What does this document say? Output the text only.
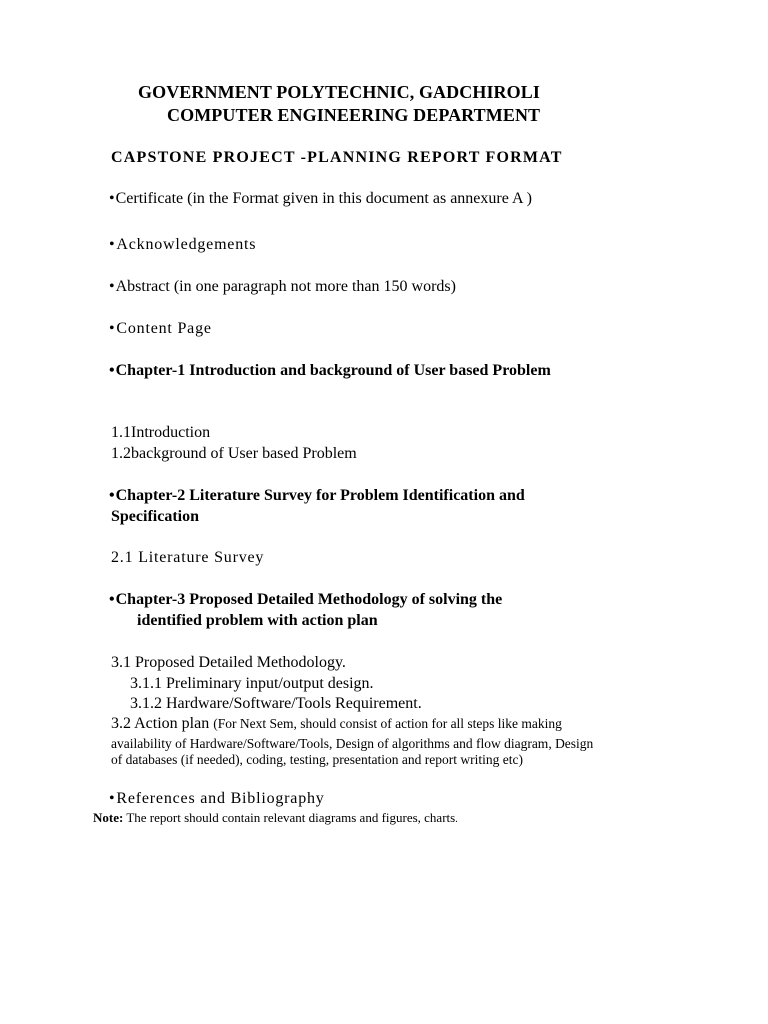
GOVERNMENT POLYTECHNIC, GADCHIROLI
COMPUTER ENGINEERING DEPARTMENT
CAPSTONE PROJECT -PLANNING REPORT FORMAT
•Certificate (in the Format given in this document as annexure A )
•Acknowledgements
•Abstract (in one paragraph not more than 150 words)
•Content Page
•Chapter-1 Introduction and background of User based Problem
1.1Introduction
1.2background of User based Problem
•Chapter-2 Literature Survey for Problem Identification and
Specification
2.1 Literature Survey
•Chapter-3 Proposed Detailed Methodology of solving the
identified problem with action plan
3.1 Proposed Detailed Methodology.
3.1.1 Preliminary input/output design.
3.1.2 Hardware/Software/Tools Requirement.
3.2 Action plan (For Next Sem, should consist of action for all steps like making
availability of Hardware/Software/Tools, Design of algorithms and flow diagram, Design
of databases (if needed), coding, testing, presentation and report writing etc)
•References and Bibliography
Note: The report should contain relevant diagrams and figures, charts.
